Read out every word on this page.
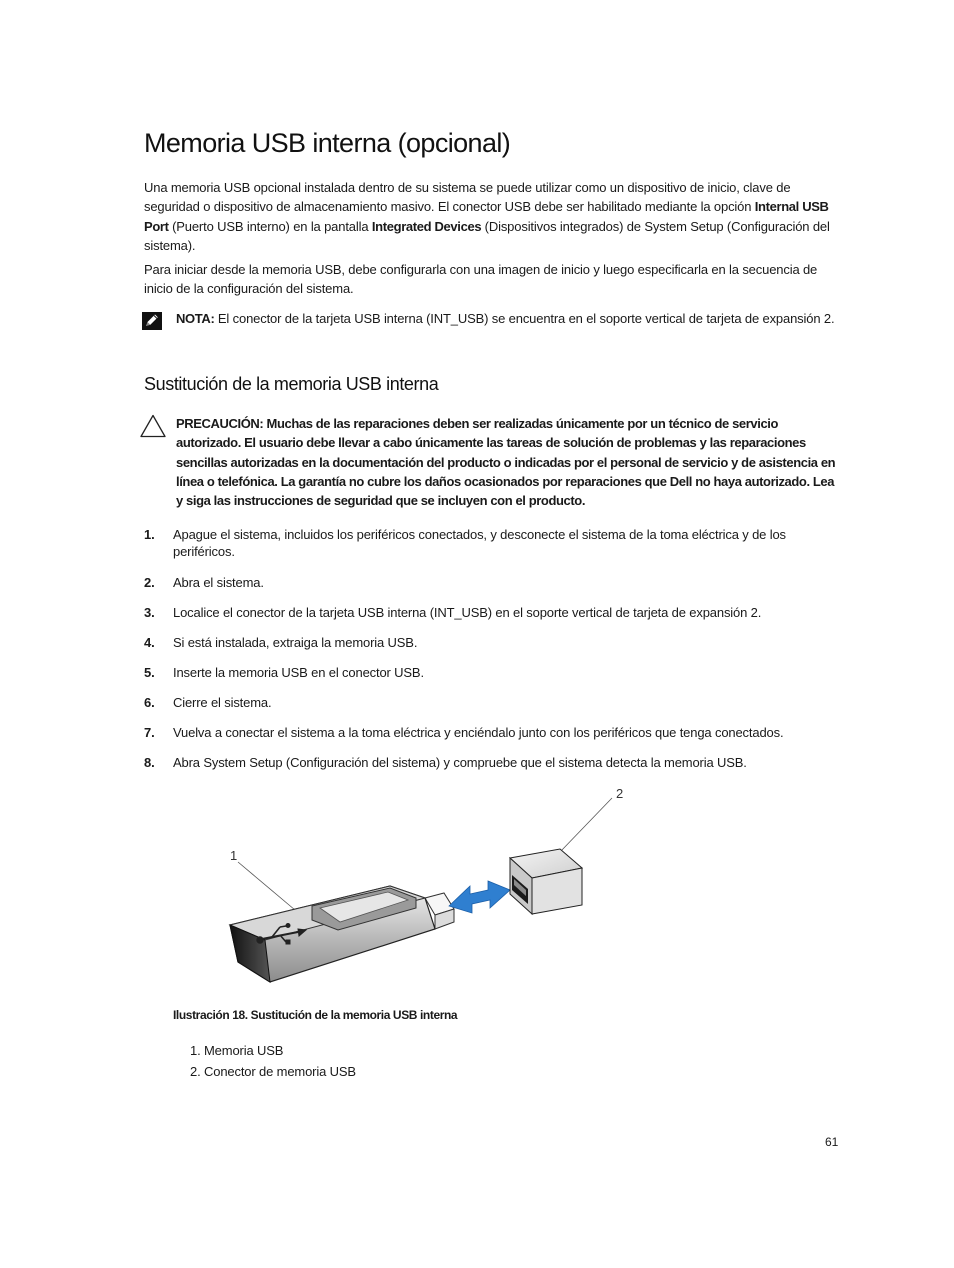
Memoria USB interna (opcional)

Una memoria USB opcional instalada dentro de su sistema se puede utilizar como un dispositivo de inicio, clave de seguridad o dispositivo de almacenamiento masivo. El conector USB debe ser habilitado mediante la opción Internal USB Port (Puerto USB interno) en la pantalla Integrated Devices (Dispositivos integrados) de System Setup (Configuración del sistema).

Para iniciar desde la memoria USB, debe configurarla con una imagen de inicio y luego especificarla en la secuencia de inicio de la configuración del sistema.

NOTA: El conector de la tarjeta USB interna (INT_USB) se encuentra en el soporte vertical de tarjeta de expansión 2.

Sustitución de la memoria USB interna

PRECAUCIÓN: Muchas de las reparaciones deben ser realizadas únicamente por un técnico de servicio autorizado. El usuario debe llevar a cabo únicamente las tareas de solución de problemas y las reparaciones sencillas autorizadas en la documentación del producto o indicadas por el personal de servicio y de asistencia en línea o telefónica. La garantía no cubre los daños ocasionados por reparaciones que Dell no haya autorizado. Lea y siga las instrucciones de seguridad que se incluyen con el producto.

1. Apague el sistema, incluidos los periféricos conectados, y desconecte el sistema de la toma eléctrica y de los periféricos.
2. Abra el sistema.
3. Localice el conector de la tarjeta USB interna (INT_USB) en el soporte vertical de tarjeta de expansión 2.
4. Si está instalada, extraiga la memoria USB.
5. Inserte la memoria USB en el conector USB.
6. Cierre el sistema.
7. Vuelva a conectar el sistema a la toma eléctrica y enciéndalo junto con los periféricos que tenga conectados.
8. Abra System Setup (Configuración del sistema) y compruebe que el sistema detecta la memoria USB.
1
2

Ilustración 18. Sustitución de la memoria USB interna

1. Memoria USB
2. Conector de memoria USB
61
